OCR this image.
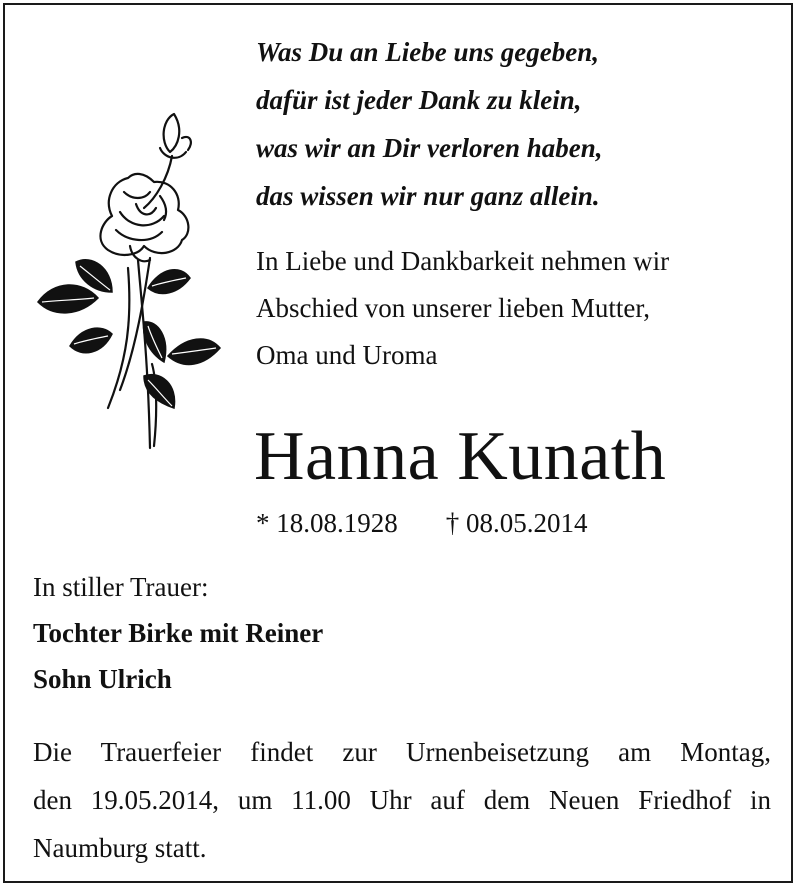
Was Du an Liebe uns gegeben,
dafür ist jeder Dank zu klein,
was wir an Dir verloren haben,
das wissen wir nur ganz allein.
In Liebe und Dankbarkeit nehmen wir
Abschied von unserer lieben Mutter,
Oma und Uroma
Hanna Kunath
* 18.08.1928 † 08.05.2014
In stiller Trauer:
Tochter Birke mit Reiner
Sohn Ulrich
Die Trauerfeier findet zur Urnenbeisetzung am Montag,
den 19.05.2014, um 11.00 Uhr auf dem Neuen Friedhof in
Naumburg statt.
